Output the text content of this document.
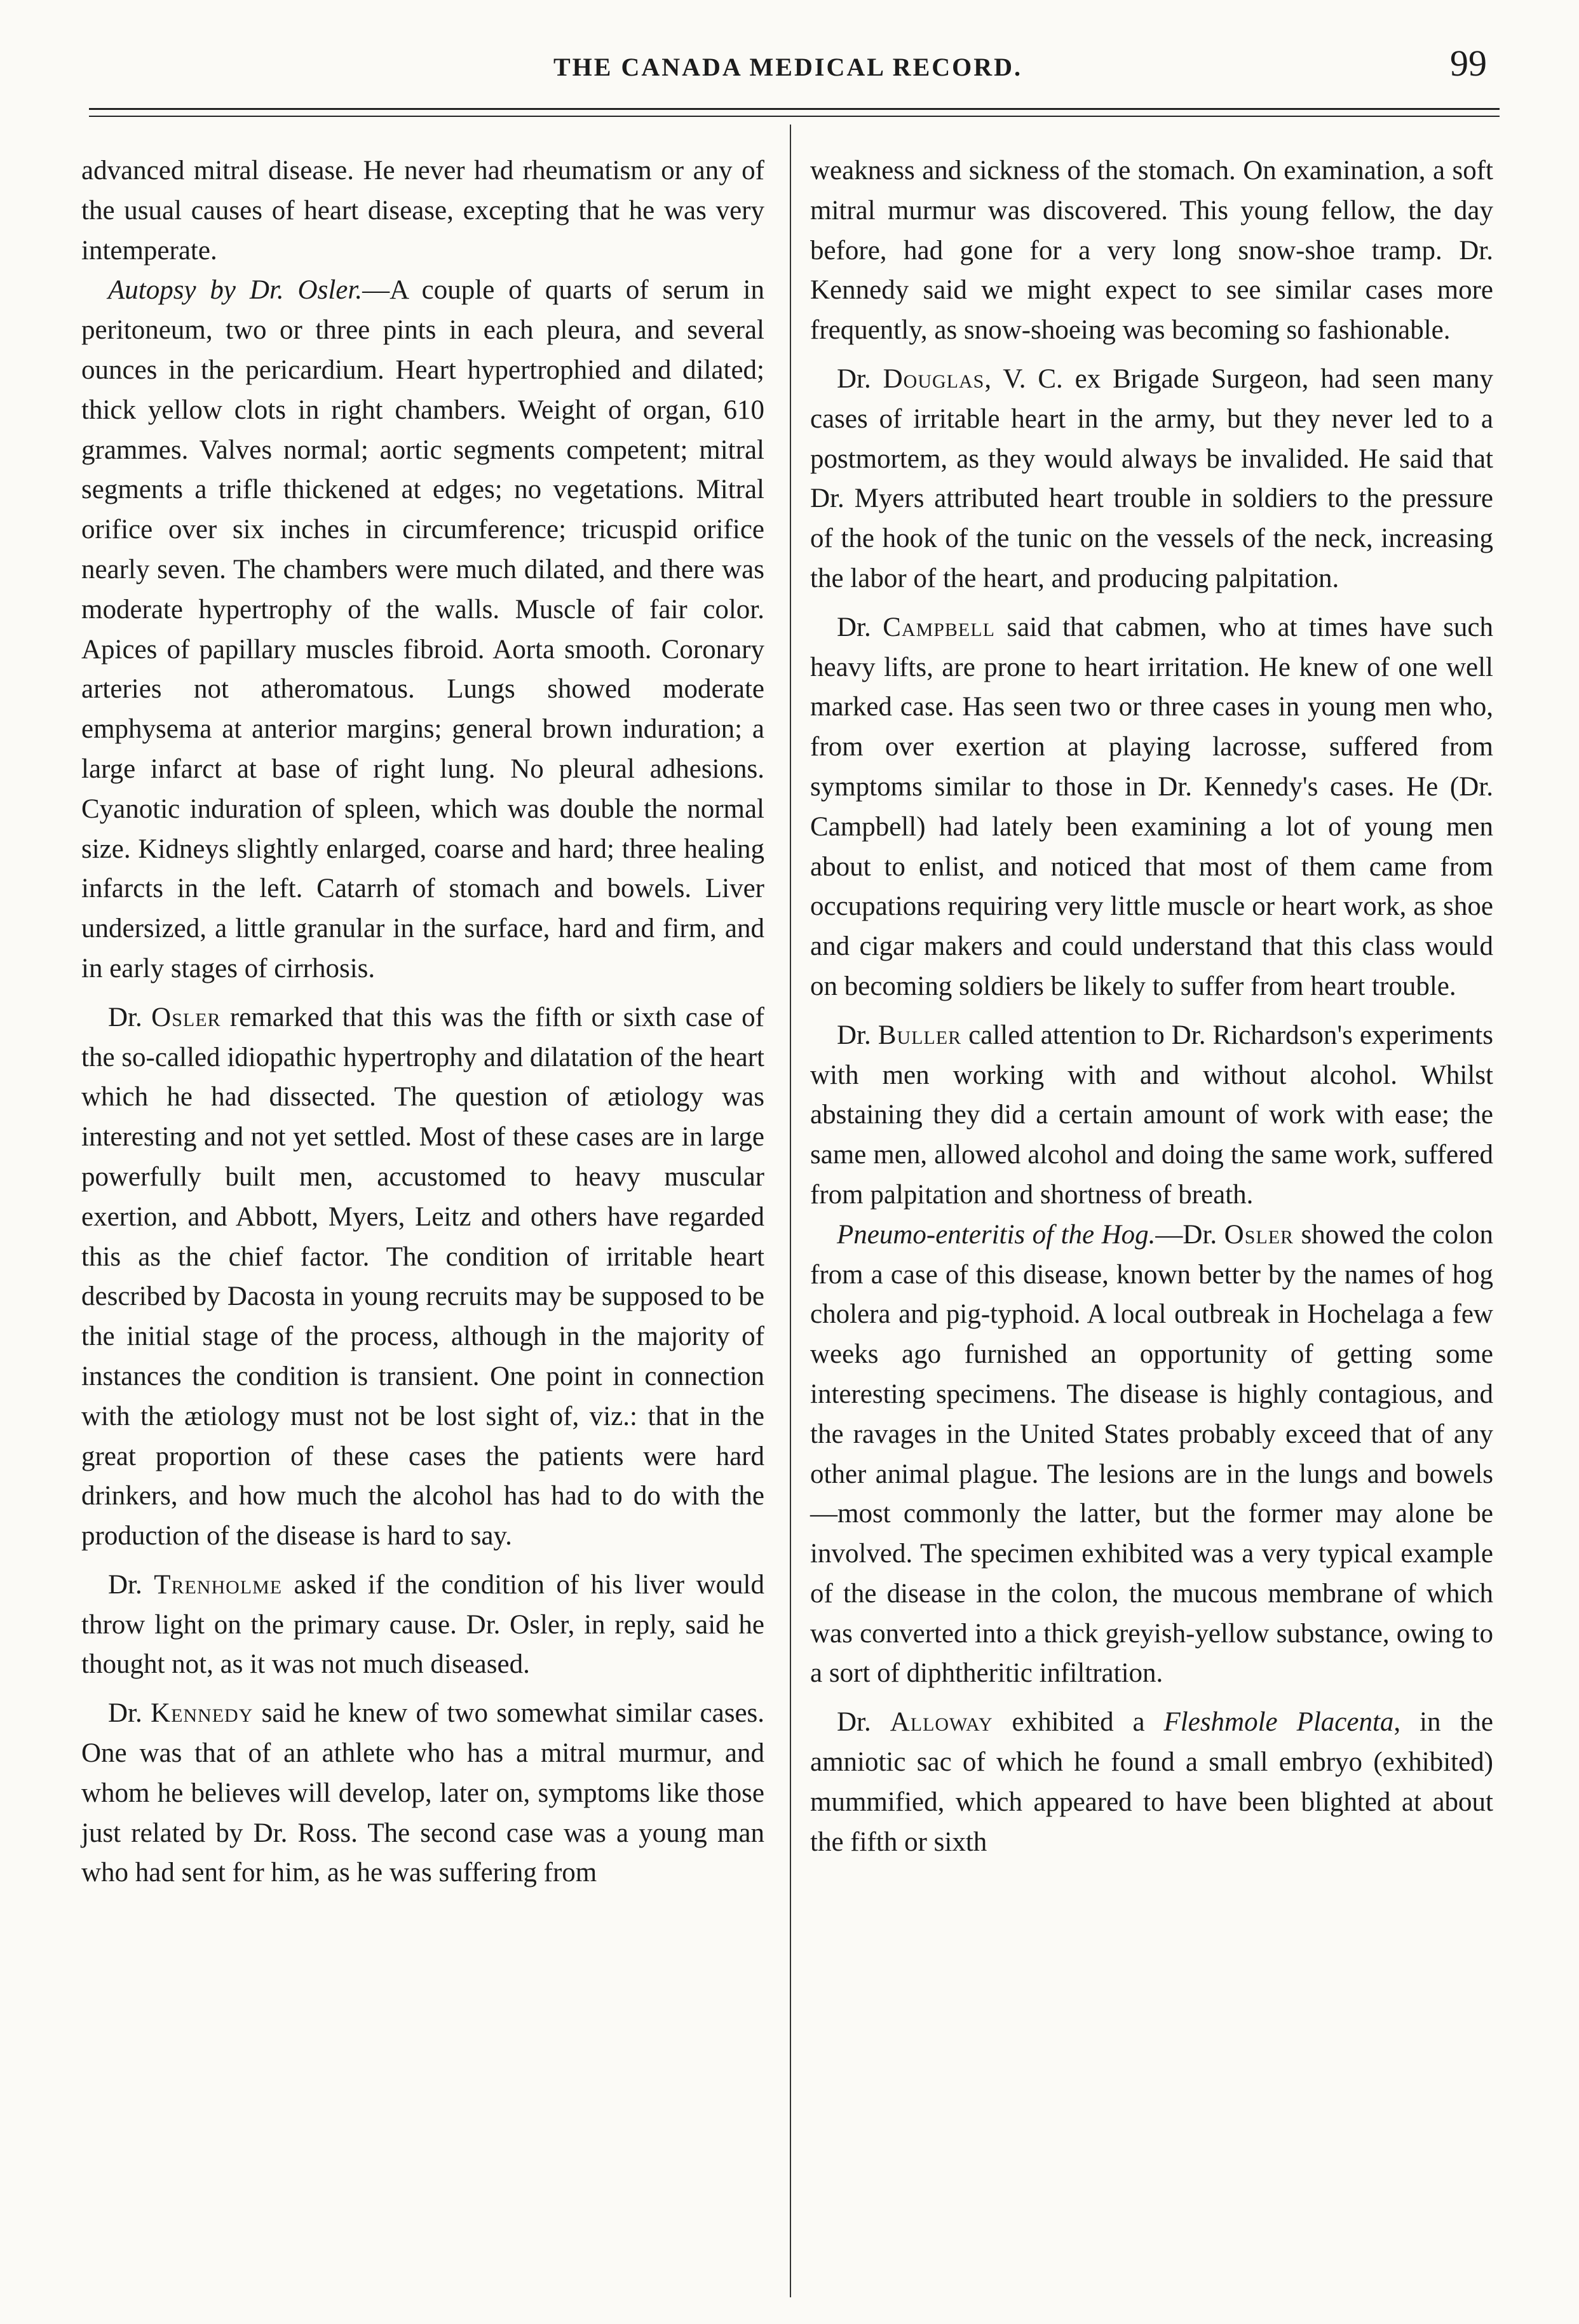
THE CANADA MEDICAL RECORD.	99

advanced mitral disease. He never had rheumatism or any of the usual causes of heart disease, excepting that he was very intemperate.

Autopsy by Dr. Osler.—A couple of quarts of serum in peritoneum, two or three pints in each pleura, and several ounces in the pericardium. Heart hypertrophied and dilated; thick yellow clots in right chambers. Weight of organ, 610 grammes. Valves normal; aortic segments competent; mitral segments a trifle thickened at edges; no vegetations. Mitral orifice over six inches in circumference; tricuspid orifice nearly seven. The chambers were much dilated, and there was moderate hypertrophy of the walls. Muscle of fair color. Apices of papillary muscles fibroid. Aorta smooth. Coronary arteries not atheromatous. Lungs showed moderate emphysema at anterior margins; general brown induration; a large infarct at base of right lung. No pleural adhesions. Cyanotic induration of spleen, which was double the normal size. Kidneys slightly enlarged, coarse and hard; three healing infarcts in the left. Catarrh of stomach and bowels. Liver undersized, a little granular in the surface, hard and firm, and in early stages of cirrhosis.

Dr. Osler remarked that this was the fifth or sixth case of the so-called idiopathic hypertrophy and dilatation of the heart which he had dissected. The question of ætiology was interesting and not yet settled. Most of these cases are in large powerfully built men, accustomed to heavy muscular exertion, and Abbott, Myers, Leitz and others have regarded this as the chief factor. The condition of irritable heart described by Dacosta in young recruits may be supposed to be the initial stage of the process, although in the majority of instances the condition is transient. One point in connection with the ætiology must not be lost sight of, viz.: that in the great proportion of these cases the patients were hard drinkers, and how much the alcohol has had to do with the production of the disease is hard to say.

Dr. Trenholme asked if the condition of his liver would throw light on the primary cause. Dr. Osler, in reply, said he thought not, as it was not much diseased.

Dr. Kennedy said he knew of two somewhat similar cases. One was that of an athlete who has a mitral murmur, and whom he believes will develop, later on, symptoms like those just related by Dr. Ross. The second case was a young man who had sent for him, as he was suffering from

weakness and sickness of the stomach. On examination, a soft mitral murmur was discovered. This young fellow, the day before, had gone for a very long snow-shoe tramp. Dr. Kennedy said we might expect to see similar cases more frequently, as snow-shoeing was becoming so fashionable.

Dr. Douglas, V. C. ex Brigade Surgeon, had seen many cases of irritable heart in the army, but they never led to a postmortem, as they would always be invalided. He said that Dr. Myers attributed heart trouble in soldiers to the pressure of the hook of the tunic on the vessels of the neck, increasing the labor of the heart, and producing palpitation.

Dr. Campbell said that cabmen, who at times have such heavy lifts, are prone to heart irritation. He knew of one well marked case. Has seen two or three cases in young men who, from over exertion at playing lacrosse, suffered from symptoms similar to those in Dr. Kennedy's cases. He (Dr. Campbell) had lately been examining a lot of young men about to enlist, and noticed that most of them came from occupations requiring very little muscle or heart work, as shoe and cigar makers and could understand that this class would on becoming soldiers be likely to suffer from heart trouble.

Dr. Buller called attention to Dr. Richardson's experiments with men working with and without alcohol. Whilst abstaining they did a certain amount of work with ease; the same men, allowed alcohol and doing the same work, suffered from palpitation and shortness of breath.

Pneumo-enteritis of the Hog.—Dr. Osler showed the colon from a case of this disease, known better by the names of hog cholera and pig-typhoid. A local outbreak in Hochelaga a few weeks ago furnished an opportunity of getting some interesting specimens. The disease is highly contagious, and the ravages in the United States probably exceed that of any other animal plague. The lesions are in the lungs and bowels—most commonly the latter, but the former may alone be involved. The specimen exhibited was a very typical example of the disease in the colon, the mucous membrane of which was converted into a thick greyish-yellow substance, owing to a sort of diphtheritic infiltration.

Dr. Alloway exhibited a Fleshmole Placenta, in the amniotic sac of which he found a small embryo (exhibited) mummified, which appeared to have been blighted at about the fifth or sixth
